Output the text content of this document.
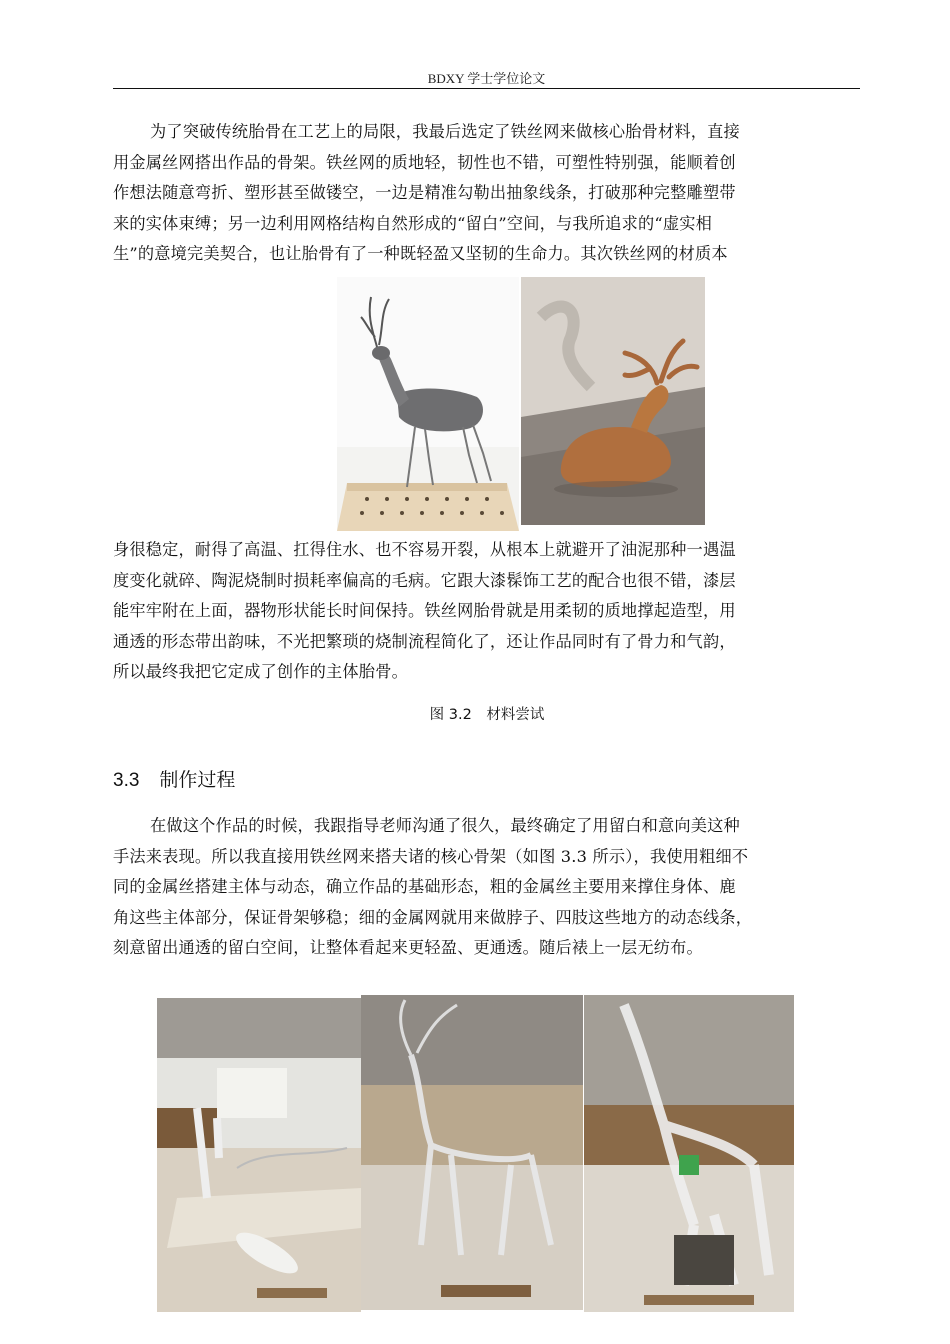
BDXY 学士学位论文
为了突破传统胎骨在工艺上的局限，我最后选定了铁丝网来做核心胎骨材料，直接
用金属丝网搭出作品的骨架。铁丝网的质地轻，韧性也不错，可塑性特别强，能顺着创
作想法随意弯折、塑形甚至做镂空，一边是精准勾勒出抽象线条，打破那种完整雕塑带
来的实体束缚；另一边利用网格结构自然形成的“留白”空间，与我所追求的“虚实相
生”的意境完美契合，也让胎骨有了一种既轻盈又坚韧的生命力。其次铁丝网的材质本
身很稳定，耐得了高温、扛得住水、也不容易开裂，从根本上就避开了油泥那种一遇温
度变化就碎、陶泥烧制时损耗率偏高的毛病。它跟大漆髹饰工艺的配合也很不错，漆层
能牢牢附在上面，器物形状能长时间保持。铁丝网胎骨就是用柔韧的质地撑起造型，用
通透的形态带出韵味，不光把繁琐的烧制流程简化了，还让作品同时有了骨力和气韵，
所以最终我把它定成了创作的主体胎骨。
图 3.2　材料尝试
3.3 制作过程
在做这个作品的时候，我跟指导老师沟通了很久，最终确定了用留白和意向美这种
手法来表现。所以我直接用铁丝网来搭夫诸的核心骨架（如图 3.3 所示），我使用粗细不
同的金属丝搭建主体与动态，确立作品的基础形态，粗的金属丝主要用来撑住身体、鹿
角这些主体部分，保证骨架够稳；细的金属网就用来做脖子、四肢这些地方的动态线条，
刻意留出通透的留白空间，让整体看起来更轻盈、更通透。随后裱上一层无纺布。
